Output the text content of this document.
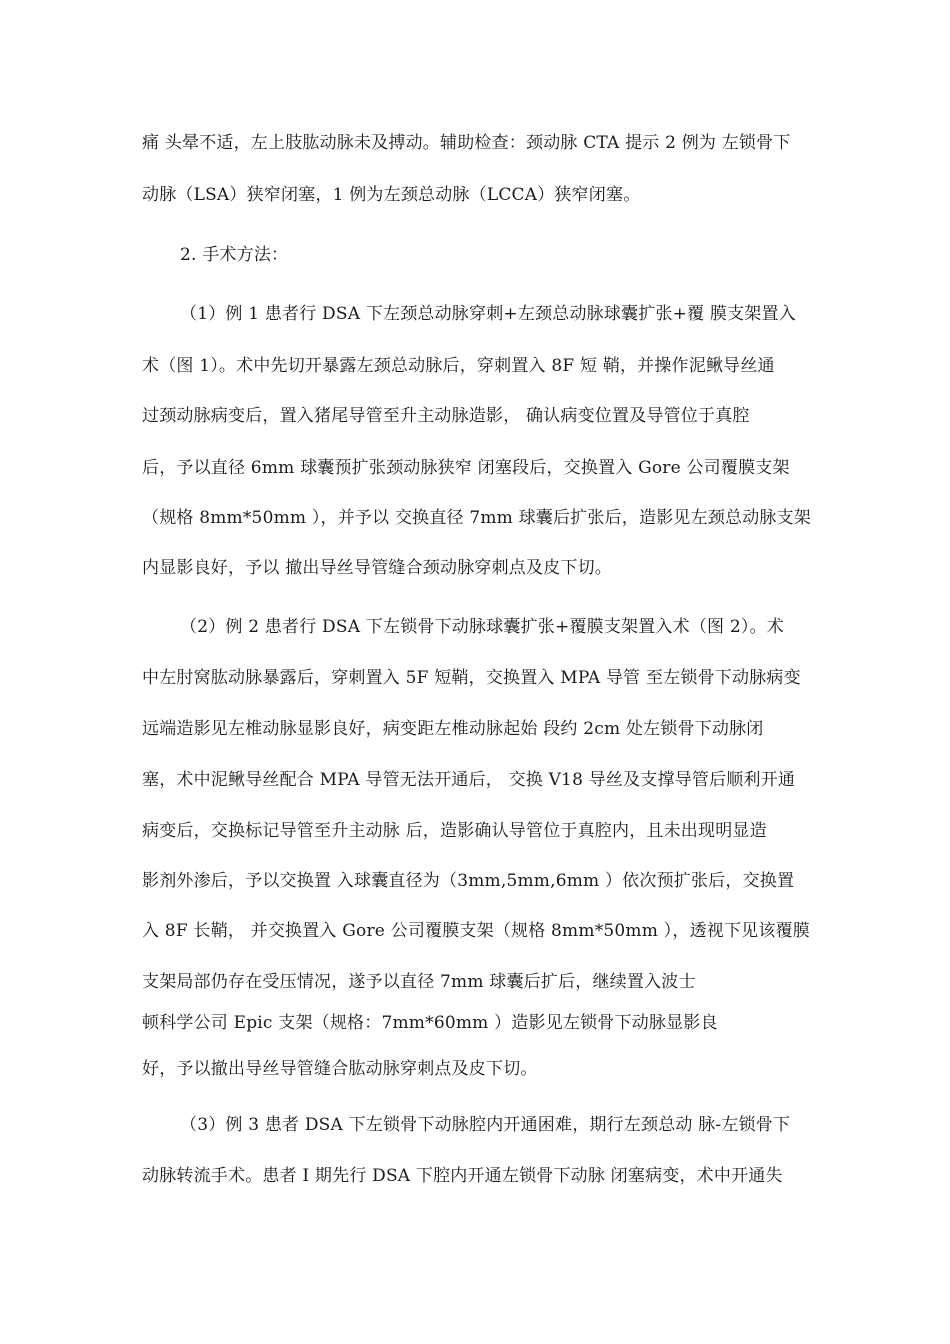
痛 头晕不适，左上肢肱动脉未及搏动。辅助检查：颈动脉 CTA 提示 2 例为 左锁骨下
动脉（LSA）狭窄闭塞，1 例为左颈总动脉（LCCA）狭窄闭塞。
2. 手术方法：
（1）例 1 患者行 DSA 下左颈总动脉穿刺+左颈总动脉球囊扩张+覆 膜支架置入
术（图 1）。术中先切开暴露左颈总动脉后，穿刺置入 8F 短 鞘，并操作泥鳅导丝通
过颈动脉病变后，置入猪尾导管至升主动脉造影， 确认病变位置及导管位于真腔
后，予以直径 6mm 球囊预扩张颈动脉狭窄 闭塞段后，交换置入 Gore 公司覆膜支架
（规格 8mm*50mm ），并予以 交换直径 7mm 球囊后扩张后，造影见左颈总动脉支架
内显影良好，予以 撤出导丝导管缝合颈动脉穿刺点及皮下切。
（2）例 2 患者行 DSA 下左锁骨下动脉球囊扩张+覆膜支架置入术（图 2）。术
中左肘窝肱动脉暴露后，穿刺置入 5F 短鞘，交换置入 MPA 导管 至左锁骨下动脉病变
远端造影见左椎动脉显影良好，病变距左椎动脉起始 段约 2cm 处左锁骨下动脉闭
塞，术中泥鳅导丝配合 MPA 导管无法开通后， 交换 V18 导丝及支撑导管后顺利开通
病变后，交换标记导管至升主动脉 后，造影确认导管位于真腔内，且未出现明显造
影剂外渗后，予以交换置 入球囊直径为（3mm,5mm,6mm ）依次预扩张后，交换置
入 8F 长鞘， 并交换置入 Gore 公司覆膜支架（规格 8mm*50mm ），透视下见该覆膜
支架局部仍存在受压情况，遂予以直径 7mm 球囊后扩后，继续置入波士
顿科学公司 Epic 支架（规格：7mm*60mm ）造影见左锁骨下动脉显影良
好，予以撤出导丝导管缝合肱动脉穿刺点及皮下切。
（3）例 3 患者 DSA 下左锁骨下动脉腔内开通困难，期行左颈总动 脉-左锁骨下
动脉转流手术。患者 I 期先行 DSA 下腔内开通左锁骨下动脉 闭塞病变，术中开通失
